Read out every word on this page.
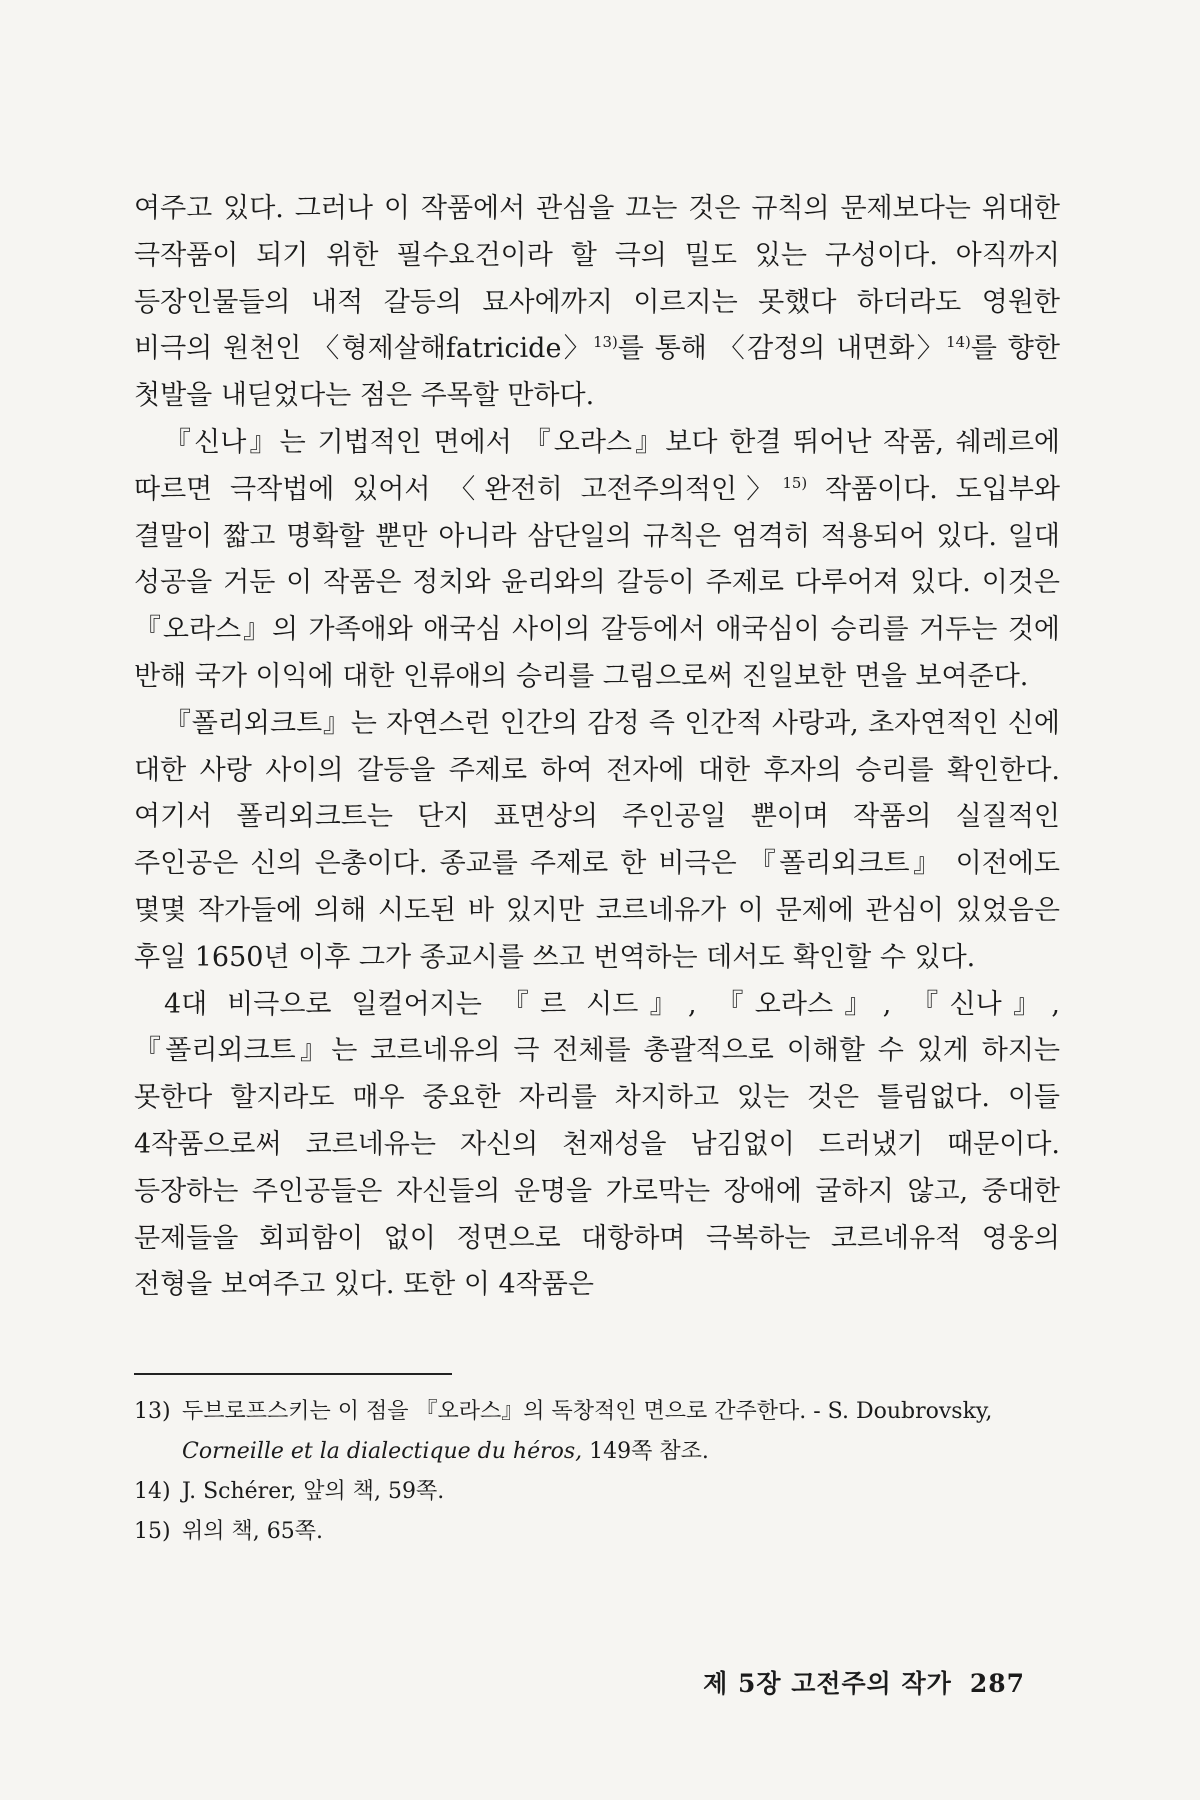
여주고 있다. 그러나 이 작품에서 관심을 끄는 것은 규칙의 문제보다는 위대한 극작품이 되기 위한 필수요건이라 할 극의 밀도 있는 구성이다. 아직까지 등장인물들의 내적 갈등의 묘사에까지 이르지는 못했다 하더라도 영원한 비극의 원천인 〈형제살해fatricide〉$^{13)}$를 통해 〈감정의 내면화〉$^{14)}$를 향한 첫발을 내딛었다는 점은 주목할 만하다.

『신나』는 기법적인 면에서 『오라스』보다 한결 뛰어난 작품, 쉐레르에 따르면 극작법에 있어서 〈완전히 고전주의적인〉$^{15)}$ 작품이다. 도입부와 결말이 짧고 명확할 뿐만 아니라 삼단일의 규칙은 엄격히 적용되어 있다. 일대 성공을 거둔 이 작품은 정치와 윤리와의 갈등이 주제로 다루어져 있다. 이것은 『오라스』의 가족애와 애국심 사이의 갈등에서 애국심이 승리를 거두는 것에 반해 국가 이익에 대한 인류애의 승리를 그림으로써 진일보한 면을 보여준다.

『폴리외크트』는 자연스런 인간의 감정 즉 인간적 사랑과, 초자연적인 신에 대한 사랑 사이의 갈등을 주제로 하여 전자에 대한 후자의 승리를 확인한다. 여기서 폴리외크트는 단지 표면상의 주인공일 뿐이며 작품의 실질적인 주인공은 신의 은총이다. 종교를 주제로 한 비극은 『폴리외크트』 이전에도 몇몇 작가들에 의해 시도된 바 있지만 코르네유가 이 문제에 관심이 있었음은 후일 1650년 이후 그가 종교시를 쓰고 번역하는 데서도 확인할 수 있다.

4대 비극으로 일컬어지는 『르 시드』, 『오라스』, 『신나』, 『폴리외크트』는 코르네유의 극 전체를 총괄적으로 이해할 수 있게 하지는 못한다 할지라도 매우 중요한 자리를 차지하고 있는 것은 틀림없다. 이들 4작품으로써 코르네유는 자신의 천재성을 남김없이 드러냈기 때문이다. 등장하는 주인공들은 자신들의 운명을 가로막는 장애에 굴하지 않고, 중대한 문제들을 회피함이 없이 정면으로 대항하며 극복하는 코르네유적 영웅의 전형을 보여주고 있다. 또한 이 4작품은

13) 두브로프스키는 이 점을 『오라스』의 독창적인 면으로 간주한다. - S. Doubrovsky, Corneille et la dialectique du héros, 149쪽 참조.
14) J. Schérer, 앞의 책, 59쪽.
15) 위의 책, 65쪽.
제 5장 고전주의 작가 287
